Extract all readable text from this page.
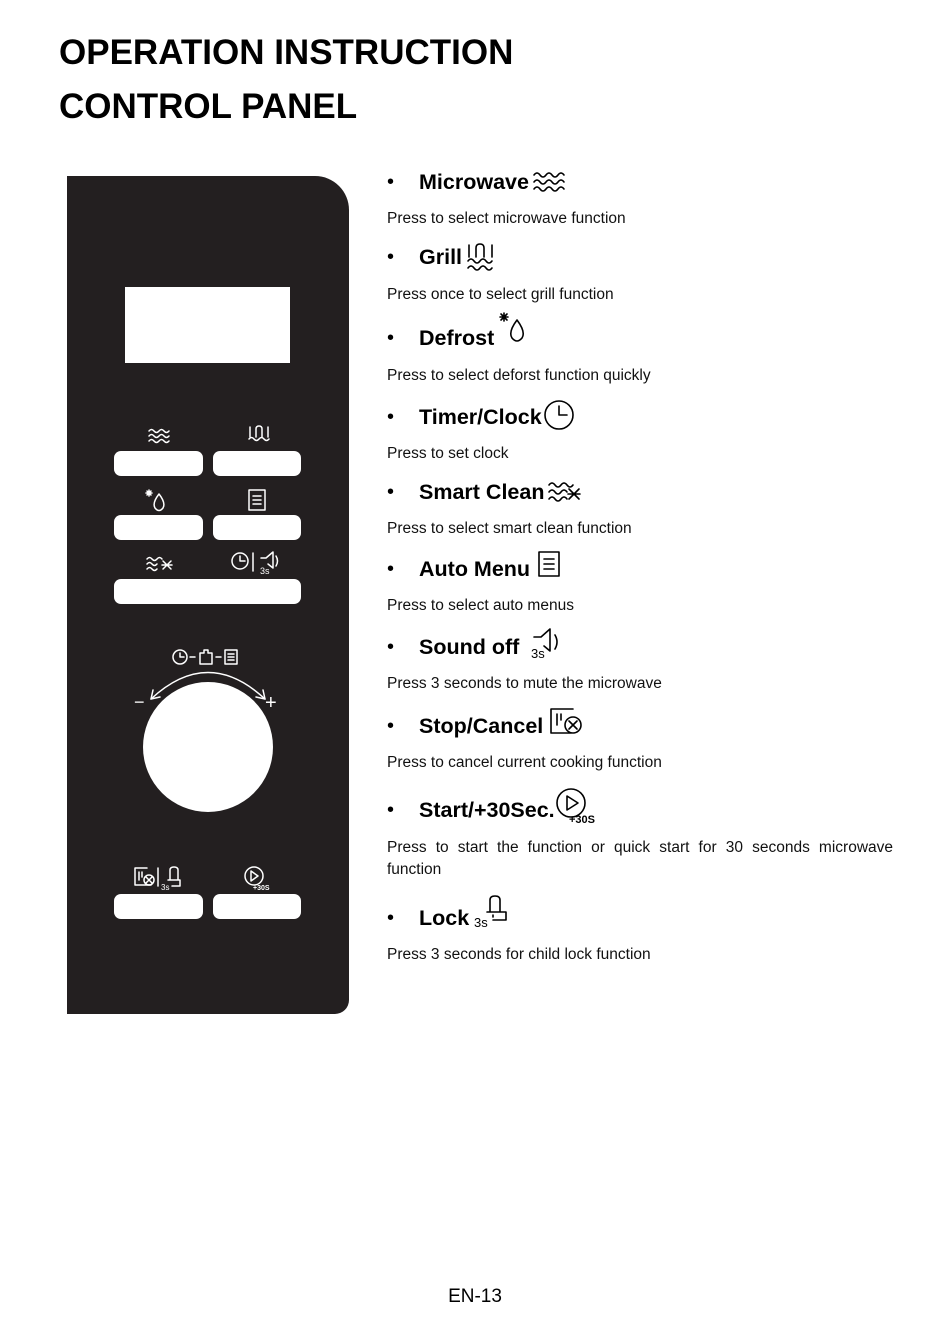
OPERATION INSTRUCTION
CONTROL PANEL
3s
−	+
3s	+30S
• Microwave
Press to select microwave function
• Grill
Press once to select grill function
• Defrost
Press to select deforst function quickly
• Timer/Clock
Press to set clock
• Smart Clean
Press to select smart clean function
• Auto Menu
Press to select auto menus
• Sound off 3s
Press 3 seconds to mute the microwave
• Stop/Cancel
Press to cancel current cooking function
• Start/+30Sec. +30S
Press to start the function or quick start for 30 seconds microwave function
• Lock 3s
Press 3 seconds for child lock function
EN-13
